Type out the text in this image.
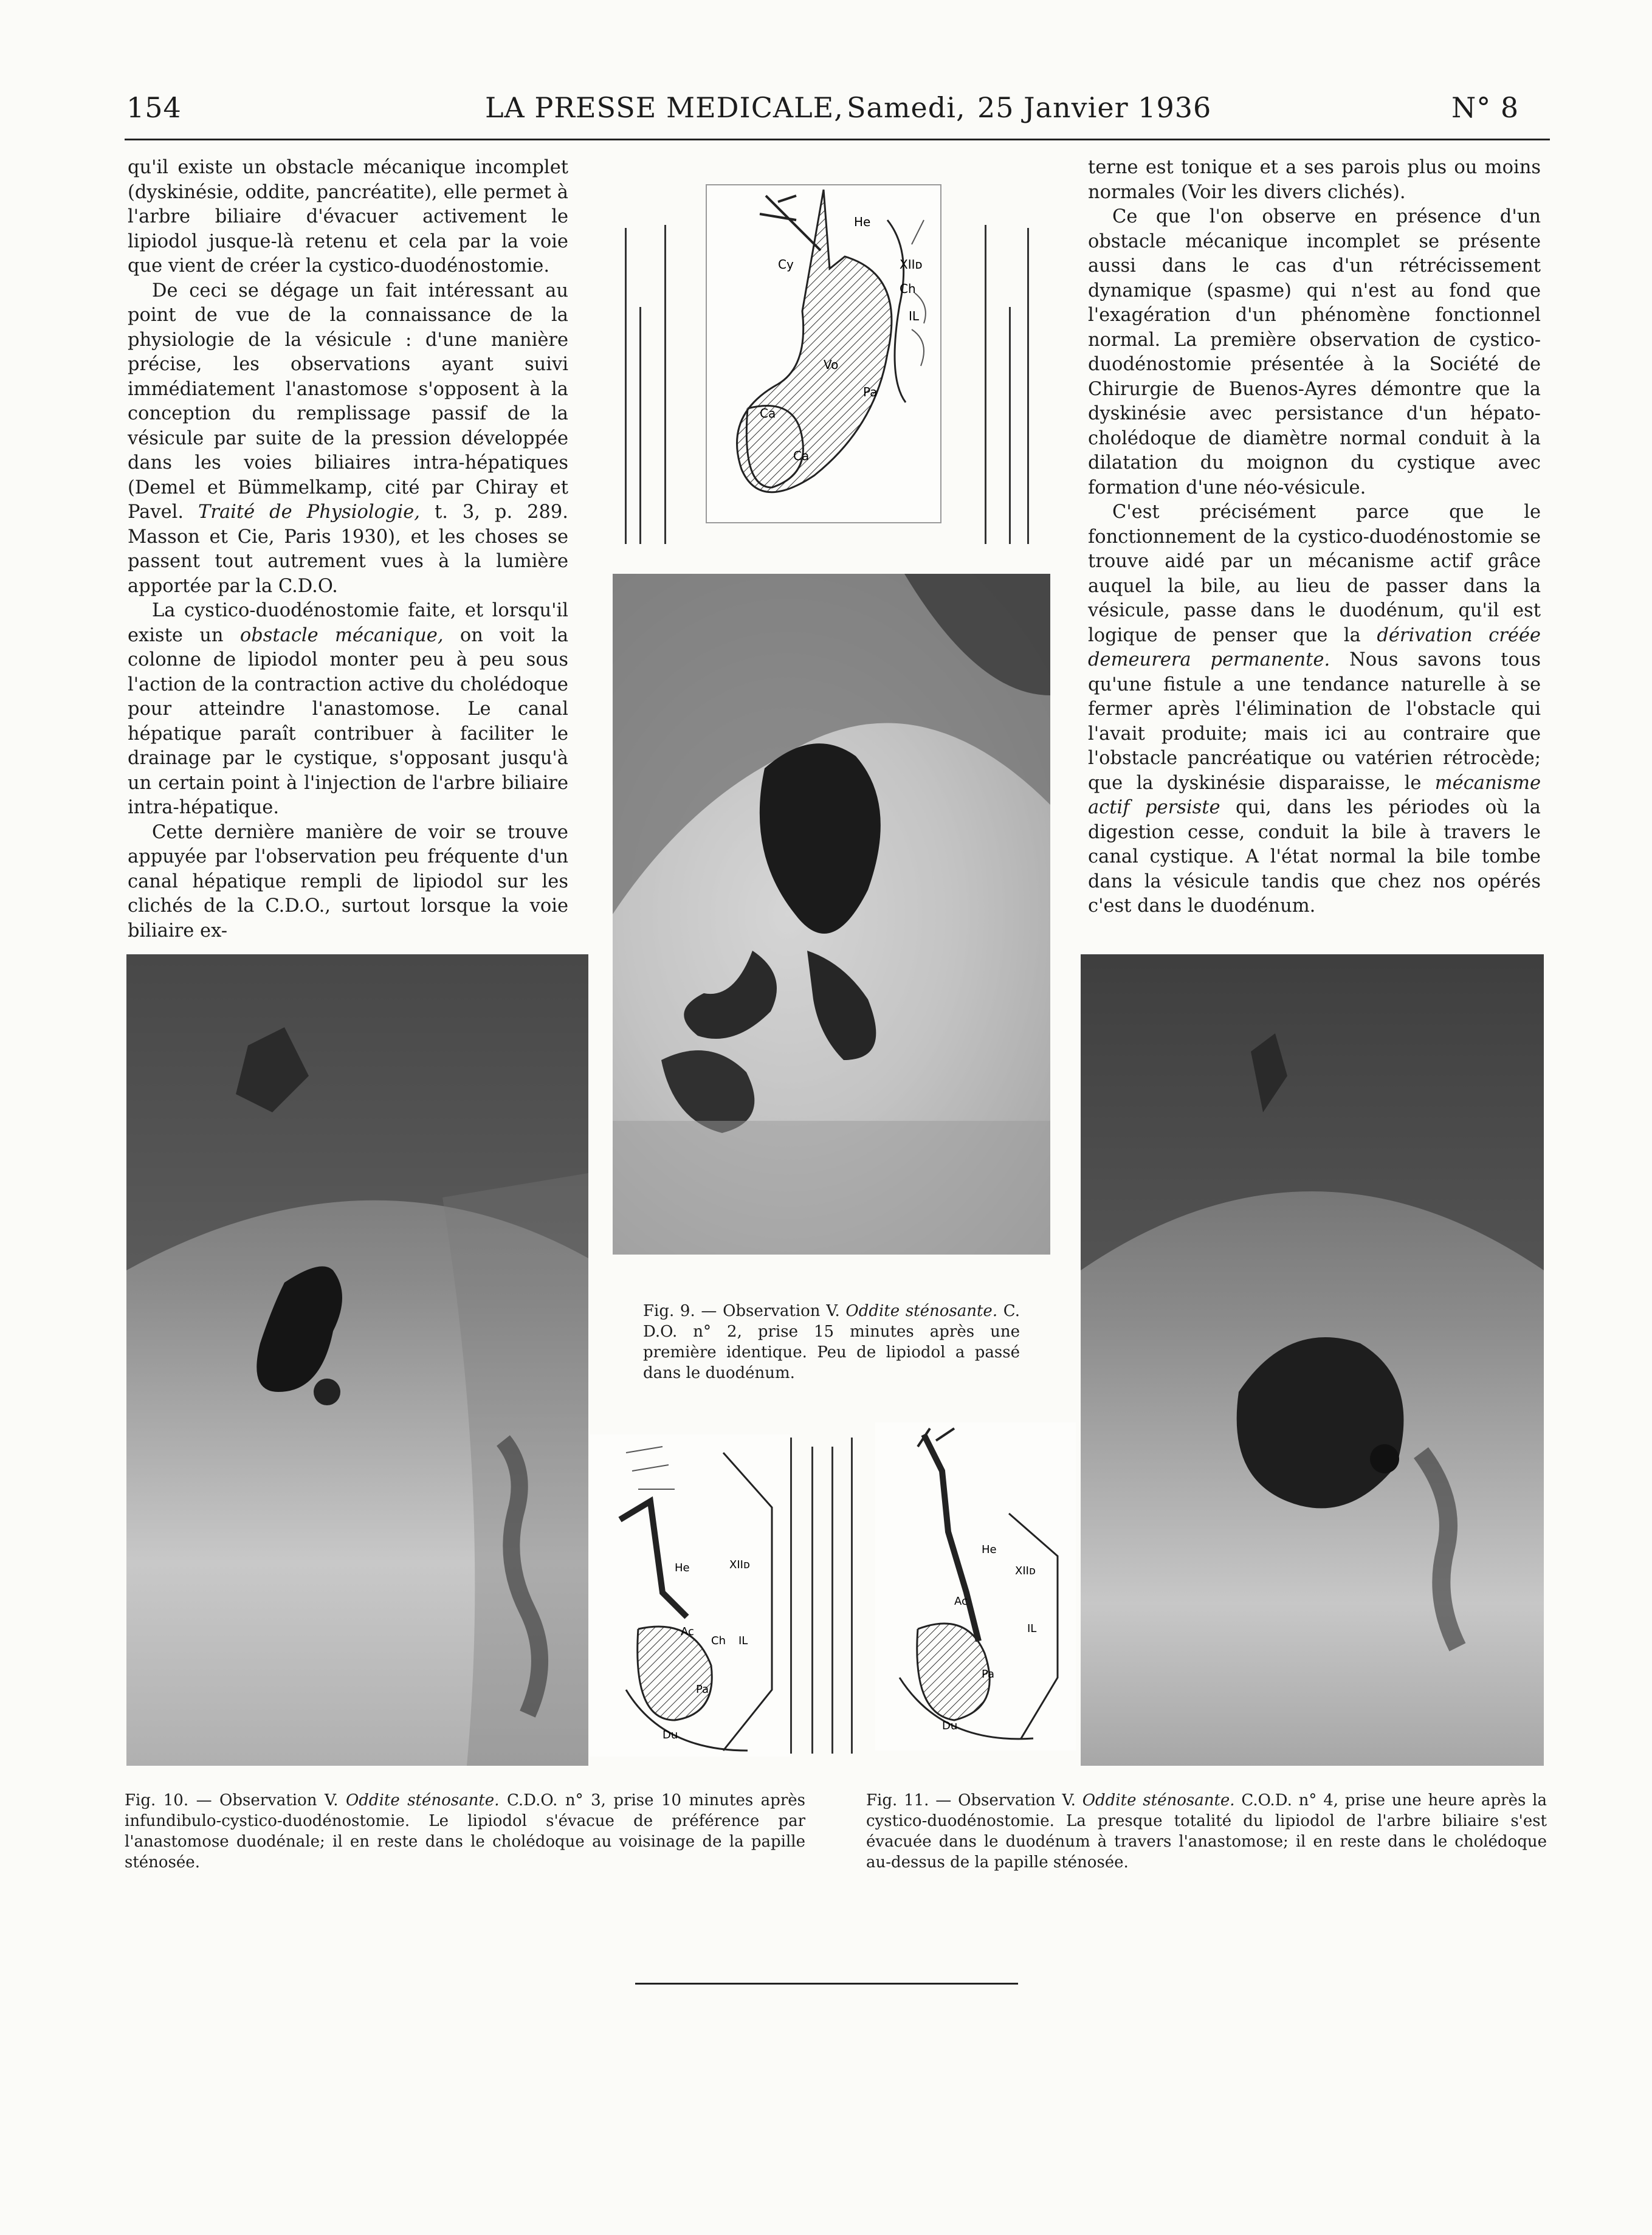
154	LA PRESSE MEDICALE, Samedi, 25 Janvier 1936	N° 8

qu'il existe un obstacle mécanique incomplet (dyskinésie, oddite, pancréatite), elle permet à l'arbre biliaire d'évacuer activement le lipiodol jusque-là retenu et cela par la voie que vient de créer la cystico-duodénostomie.

De ceci se dégage un fait intéressant au point de vue de la connaissance de la physiologie de la vésicule : d'une manière précise, les observations ayant suivi immédiatement l'anastomose s'opposent à la conception du remplissage passif de la vésicule par suite de la pression développée dans les voies biliaires intra-hépatiques (Demel et Bümmelkamp, cité par Chiray et Pavel. Traité de Physiologie, t. 3, p. 289. Masson et Cie, Paris 1930), et les choses se passent tout autrement vues à la lumière apportée par la C.D.O.

La cystico-duodénostomie faite, et lorsqu'il existe un obstacle mécanique, on voit la colonne de lipiodol monter peu à peu sous l'action de la contraction active du cholédoque pour atteindre l'anastomose. Le canal hépatique paraît contribuer à faciliter le drainage par le cystique, s'opposant jusqu'à un certain point à l'injection de l'arbre biliaire intra-hépatique.

Cette dernière manière de voir se trouve appuyée par l'observation peu fréquente d'un canal hépatique rempli de lipiodol sur les clichés de la C.D.O., surtout lorsque la voie biliaire ex-

terne est tonique et a ses parois plus ou moins normales (Voir les divers clichés).

Ce que l'on observe en présence d'un obstacle mécanique incomplet se présente aussi dans le cas d'un rétrécissement dynamique (spasme) qui n'est au fond que l'exagération d'un phénomène fonctionnel normal. La première observation de cystico-duodénostomie présentée à la Société de Chirurgie de Buenos-Ayres démontre que la dyskinésie avec persistance d'un hépato-cholédoque de diamètre normal conduit à la dilatation du moignon du cystique avec formation d'une néo-vésicule.

C'est précisément parce que le fonctionnement de la cystico-duodénostomie se trouve aidé par un mécanisme actif grâce auquel la bile, au lieu de passer dans la vésicule, passe dans le duodénum, qu'il est logique de penser que la dérivation créée demeurera permanente. Nous savons tous qu'une fistule a une tendance naturelle à se fermer après l'élimination de l'obstacle qui l'avait produite; mais ici au contraire que l'obstacle pancréatique ou vatérien rétrocède; que la dyskinésie disparaisse, le mécanisme actif persiste qui, dans les périodes où la digestion cesse, conduit la bile à travers le canal cystique. A l'état normal la bile tombe dans la vésicule tandis que chez nos opérés c'est dans le duodénum.

Cy
He
XIIᴅ
Ch
IL
Vo
Pa
Ca
Ca
Fig. 9. — Observation V. Oddite sténosante. C. D.O. n° 2, prise 15 minutes après une première identique. Peu de lipiodol a passé dans le duodénum.
He	XIIᴅ
Ac
Ch IL
Pa
Du
He
XIIᴅ
Ac
IL
Pa
Du
Fig. 10. — Observation V. Oddite sténosante. C.D.O. n° 3, prise 10 minutes après infundibulo-cystico-duodénostomie. Le lipiodol s'évacue de préférence par l'anastomose duodénale; il en reste dans le cholédoque au voisinage de la papille sténosée.
Fig. 11. — Observation V. Oddite sténosante. C.O.D. n° 4, prise une heure après la cystico-duodénostomie. La presque totalité du lipiodol de l'arbre biliaire s'est évacuée dans le duodénum à travers l'anastomose; il en reste dans le cholédoque au-dessus de la papille sténosée.
